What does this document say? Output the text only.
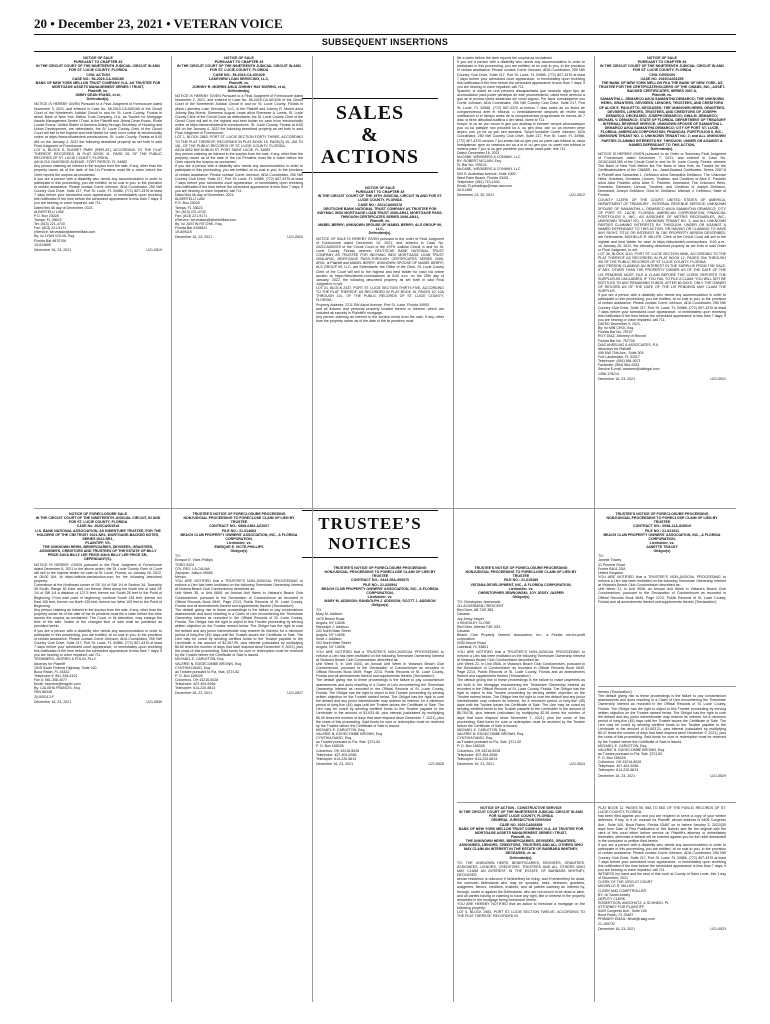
20 • December 23, 2021 • VETERAN VOICE
SUBSEQUENT INSERTIONS
SALES
&
ACTIONS
TRUSTEE’S
NOTICES

NOTICE OF SALE
PURSUANT TO CHAPTER 45
IN THE CIRCUIT COURT OF THE NINETEENTH JUDICIAL CIRCUIT IN AND FOR ST. LUCIE COUNTY, FLORIDA
CIVIL ACTION
CASE NO.: 56-2019-CA-000165
BANK OF NEW YORK MELLON TRUST COMPANY, N.A. AS TRUSTEE FOR MORTGAGE ASSETS MANAGEMENT SERIES I TRUST,
Plaintiff, vs.
JIMMY DEAN EVANS, et al,
Defendant(s).

NOTICE IS HEREBY GIVEN Pursuant to a Final Judgment of Foreclosure dated November 3, 2021, and entered in Case No. 56-2019-CA-000165 of the Circuit Court of the Nineteenth Judicial Circuit in and for St. Lucie County, Florida in which Bank of New York Mellon Trust Company, N.A. as Trustee for Mortgage Assets Management Series I Trust, is the Plaintiff and Jimmy Dean Evans, Rosie Louise Evans, United States of America Acting through Secretary of Housing and Urban Development, are defendants, the St. Lucie County Clerk of the Circuit Court will sell to the highest and best bidder for cash in/on online at electronically online at https://www.stlucieclerk.com/auctions, St. Lucie County, Florida at 8:00 AM on the January 4, 2022 the following described property as set forth in said Final Judgment of Foreclosure:
LOT 6, BLOCK 9, SUNSET PARK (REPLAT), ACCORDING TO THE PLAT THEREOF, RECORDED IN PLAT BOOK 11, PAGE 28, OF THE PUBLIC RECORDS OF ST. LUCIE COUNTY, FLORIDA.
A/K/A 210 OAKRIDGE AVENUE, FORT PIERCE, FL 34982
Any person claiming an interest in the surplus from the sale, if any, other than the property owner as of the date of the Lis Pendens must file a claim before the Clerk reports the surplus as unclaimed.
If you are a person with a disability who needs any accommodation in order to participate in this proceeding, you are entitled, at no cost to you, to the provision of certain assistance. Please contact Corrie Johnson, ADA Coordinator, 250 NW Country Club Drive, Suite 217, Port St. Lucie, FL 34986, (772) 807-4370 at least 7 days before your scheduled court appearance, or immediately upon receiving this notification if the time before the scheduled appearance is less than 7 days; if you are hearing or voice impaired, call 711.
Dated this 06 day of December, 2021.
ALBERTELLI LAW
P.O. Box 23028
Tampa, FL 33623
Tel: (813) 221-4743
Fax: (813) 221-9171
eService: servealaw@albertellilaw.com
By: /s/ LYNN VOUIS, Esq.
Florida Bar #870706
19-024689

December 16, 23, 2021	U21-0519

NOTICE OF SALE
PURSUANT TO CHAPTER 45
IN THE CIRCUIT COURT OF THE NINETEENTH JUDICIAL CIRCUIT IN AND FOR ST. LUCIE COUNTY, FLORIDA
CASE NO.: 56-2019-CA-001026
LAKEVIEW LOAN SERVICING, LLC,
Plaintiff, vs.
JOHNNY R. MORRIS A/K/A JOHNNY RAY MORRIS, et al,
Defendant(s).

NOTICE IS HEREBY GIVEN Pursuant to a Final Judgment of Foreclosure dated November 2, 2021, and entered in Case No. 56-2019-CA-001026 of the Circuit Court of the Nineteenth Judicial Circuit in and for St. Lucie County, Florida in which Lakeview Loan Servicing, LLC, is the Plaintiff and Johnny R. Morris a/k/a Johnny Ray Morris, Shereese August Lewis a/k/a Shereese A. Lewis, St. Lucie County Clerk of the Circuit Court as defendants, the St. Lucie County Clerk of the Circuit Court will sell to the highest and best bidder for cash in/on electronically online at https://www.stlucieclerk.com/auctions, St. Lucie County, Florida at 8:00 AM on the January 4, 2022 the following described property as set forth in said Final Judgment of Foreclosure:
LOT 1, BLOCK 2863, PORT ST. LUCIE SECTION FORTY THREE, ACCORDING TO THE PLAT THEREOF, RECORDED IN PLAT BOOK 16, PAGE(S) 15, 15A TO 15L, OF THE PUBLIC RECORDS OF ST. LUCIE COUNTY, FLORIDA.
A/K/A 5532 NW DUBLIN ST, PORT SAINT LUCIE, FL 34983
Any person claiming an interest in the surplus from the sale, if any, other than the property owner as of the date of the Lis Pendens must file a claim before the Clerk reports the surplus as unclaimed.
If you are a person with a disability who needs any accommodation in order to participate in this proceeding, you are entitled, at no cost to you, to the provision of certain assistance. Please contact Corrie Johnson, ADA Coordinator, 250 NW Country Club Drive, Suite 217, Port St. Lucie, FL 34986, (772) 807-4370 at least 7 days before your scheduled court appearance, or immediately upon receiving this notification if the time before the scheduled appearance is less than 7 days; if you are hearing or voice impaired, call 711.
Dated this 06 day of December, 2021.
ALBERTELLI LAW
P.O. Box 23028
Tampa, FL 33623
Tel: (813) 221-4743
Fax: (813) 221-9171
eService: servealaw@albertellilaw.com
By: /s/ JUSTIN RITCHIE, Esq.
Florida Bar #106621
19-009115

December 16, 23, 2021	U21-0520

NOTICE OF SALE
PURSUANT TO CHAPTER 45
IN THE CIRCUIT COURT OF THE 19TH JUDICIAL CIRCUIT IN AND FOR ST. LUCIE COUNTY, FLORIDA
CASE NO.: 2021CA000378
DEUTSCHE BANK NATIONAL TRUST COMPANY AS TRUSTEE FOR INDYMAC INDX MORTGAGE LOAN TRUST 2006-AR41, MORTGAGE PASS-THROUGH CERTIFICATES SERIES 2006-AR41,
Plaintiff, vs.
MABEL BERRY; UNKNOWN SPOUSE OF MABEL BERRY; ALS GROUP 99, LLC,
Defendant(s).

NOTICE OF SALE IS HEREBY GIVEN pursuant to the order of Final Judgment of Foreclosure dated December 10, 2021, and entered in Case No. 2021CA000378 of the Circuit Court of the 19TH Judicial Circuit in and for St. Lucie County, Florida, wherein DEUTSCHE BANK NATIONAL TRUST COMPANY AS TRUSTEE FOR INDYMAC INDX MORTGAGE LOAN TRUST 2006-AR41, MORTGAGE PASS-THROUGH CERTIFICATES SERIES 2006-AR41, is Plaintiff and MABEL BERRY; UNKNOWN SPOUSE OF MABEL BERRY; ALS GROUP 99, LLC, are Defendants, the Office of the Clerk, St. Lucie County Clerk of the Court will sell to the highest and best bidder for cash via online auction at https://stlucieclerk.com/auctions at 8:00 a.m. on the 25th day of January, 2022, the following described property as set forth in said Final Judgment, to wit:
LOT 21, BLOCK 2437, PORT ST. LUCIE SECTION THIRTY-FIVE, ACCORDING TO THE PLAT THEREOF, AS RECORDED IN PLAT BOOK 15, PAGES 10, 10A THROUGH 10L, OF THE PUBLIC RECORDS OF ST. LUCIE COUNTY, FLORIDA.
Property Address: 2211 SW Ascot Avenue, Port St. Lucie, Florida 34953
and all fixtures and personal property located therein or thereon, which are included as security in Plaintiff's mortgage.
Any person claiming an interest in the surplus funds from the sale, if any, other than the property owner as of the date of the lis pendens must

file a claim before the clerk reports the surplus as unclaimed.
If you are a person with a disability who needs any accommodation in order to participate in this proceeding, you are entitled, at no cost to you, to the provision of certain assistance. Please contact Corrie Johnson, ADA Coordinator, 250 NW Country Club Drive, Suite 217, Port St. Lucie, FL 34986, (772) 807-4370 at least 7 days before your scheduled court appearance, or immediately upon receiving this notification if the time before the scheduled appearance is less than 7 days; if you are hearing or voice impaired, call 711.
Spanish: si usted es una persona discapacitada que necesita algun tipo de acomodacion para poder participar de este procedimiento, usted tiene derecho a que se le provea cierta asistencia sin costo alguno. Por favor comuniquese con Corrie Johnson, ADA Coordinator, 250 NW Country Club Drive, Suite 217, Port St. Lucie, FL 34986, (772) 807-4370 al menos 7 dias antes de su fecha de comparecencia ante el tribunal, o inmediatamente despues de recibir esta notificacion si el tiempo antes de la comparecencia programada es menos de 7 dias; si tiene dificultad auditiva o del habla, llame al 711.
Kreyol: si ou se yon moun ki gen yon andikap ki bezwen nenpot akomodasyon pou ou ka patisipe nan pwosedi sa a, ou gen dwa, san ou pa bezwen peye anyen, pou yo ba ou yon seri asistans. Tanpri kontakte Corrie Johnson, ADA Coordinator, 250 NW Country Club Drive, Suite 217, Port St. Lucie, FL 34986, (772) 807-4370 omwen 7 jou anvan dat ou gen pou ou parèt nan tribinal la, oswa imedyatman apre ou resevwa avi sa a si le ou gen pou ou parèt nan tribinal la mwens pase 7 jou; si ou gen pwoblem pou tande oswa pale, rele 711.
Dated: December 16, 2021
McCABE, WEISBERG & CONWAY, LLC
BY: ROBERT MCLAIN, Esq.
FL Bar No: 195121
McCABE, WEISBERG & CONWAY, LLC
500 S. Australian Avenue, Suite 1000
West Palm Beach, Florida 33401
Telephone: (561) 713-1400
Email: FLpleadings@mwc-law.com
20-01465

December 23, 30, 2021	U21-0522

NOTICE OF SALE
PURSUANT TO CHAPTER 45
IN THE CIRCUIT COURT OF THE NINETEENTH JUDICIAL CIRCUIT IN AND FOR ST. LUCIE COUNTY, FLORIDA
CIVIL DIVISION
CASE NO. 2019CA001359
THE BANK OF NEW YORK MELLON FKA THE BANK OF NEW YORK, AS TRUSTEE FOR THE CERTIFICATEHOLDERS OF THE CWABS, INC., ASSET-BACKED CERTIFICATES, SERIES 2007-8,
Plaintiff, vs.
SAMANTHA L. DEMARCO A/K/A SAMANTHA DEMARCO; THE UNKNOWN HEIRS, GRANTEES, DEVISEES, LIENORS, TRUSTEES, AND CREDITORS OF ALICE E. PAOLETTO, DECEASED; THE UNKNOWN HEIRS, GRANTEES, DEVISEES, LIENORS, TRUSTEES, AND CREDITORS OF JOSEPH DEMARCO, DECEASED; JOSEPH DEMARCO; GINA M. DEMARCO; MICHAEL V. DEMARCO; STATE OF FLORIDA, DEPARTMENT OF TREASURY - INTERNAL REVENUE SERVICE; UNKNOWN SPOUSE OF SAMANTHA L. DEMARCO A/K/A SAMANTHA DEMARCO; CITY OF PORT ST. LUCIE, FLORIDA; AMERICAN CORPORATION; FINANCIAL PORTFOLIOS II, INC.; UNKNOWN TENANT NO. 1; UNKNOWN TENANT NO. 2; and ALL UNKNOWN PARTIES CLAIMING INTERESTS BY, THROUGH, UNDER OR AGAINST A NAMED DEFENDANT TO THIS ACTION,
Defendant(s).

NOTICE IS HEREBY GIVEN pursuant to an Order or Summary Final Judgment of Foreclosure dated December 7, 2021, and entered in Case No. 2019CA001359 of the Circuit Court in and for St. Lucie County, Florida, wherein The Bank of New York Mellon fka The Bank of New York, as Trustee for the Certificateholders of the CWABS, Inc., Asset-Backed Certificates, Series 2007-8 is Plaintiff and Samantha L. DeMarco a/k/a Samantha DeMarco; The Unknown Heirs, Grantees, Devisees, Lienors, Trustees, and Creditors of Alice E. Paoletto a/k/a Alice Paoletto a/k/a Alice E. Paoletto, Deceased; The Unknown Heirs, Grantees, Devisees, Lienors, Trustees, and Creditors of Joseph DeMarco, Deceased; Joseph DeMarco; Gina M. DeMarco; Michael V. DeMarco; State of Florida,

COUNTY CLERK OF THE COURT; UNITED STATES OF AMERICA, DEPARTMENT OF TREASURY - INTERNAL REVENUE SERVICE; UNKNOWN SPOUSE OF SAMANTHA L. DEMARCO A/K/A SAMANTHA DEMARCO; CITY OF PORT ST. LUCIE, FLORIDA; AMERICAN CORPORATION; FINANCIAL PORTFOLIOS II, INC., AS ASSIGNEE OF METRIS RECEIVABLES, INC.; UNKNOWN TENANT NO. 1; UNKNOWN TENANT NO. 2; and ALL UNKNOWN PARTIES CLAIMING INTERESTS BY, THROUGH, UNDER OR AGAINST A NAMED DEFENDANT TO THIS ACTION, OR HAVING OR CLAIMING TO HAVE ANY RIGHT, TITLE OR INTEREST IN THE PROPERTY HEREIN DESCRIBED, are Defendants, MICHELLE R. MILLER, Clerk of the Circuit Court will sell to the highest and best bidder for cash at https://stlucieclerk.com/auctions, 8:00 a.m., on January 25, 2022, the following described property as set forth in said Order or Final Judgment, to wit:
LOT 30, BLOCK 1110, PORT ST. LUCIE SECTION NINE, ACCORDING TO THE PLAT THEREOF AS RECORDED IN PLAT BOOK 12, PAGES 39A THROUGH 39I OF THE PUBLIC RECORDS OF ST. LUCIE COUNTY, FLORIDA.
ANY PERSON CLAIMING AN INTEREST IN THE SURPLUS FROM THE SALE, IF ANY, OTHER THAN THE PROPERTY OWNER AS OF THE DATE OF THE LIS PENDENS MUST FILE A CLAIM BEFORE THE CLERK REPORTS THE SURPLUS AS UNCLAIMED. IF YOU FAIL TO FILE A CLAIM, YOU WILL NOT BE ENTITLED TO ANY REMAINING FUNDS. AFTER 60 DAYS, ONLY THE OWNER OF RECORD AS OF THE DATE OF THE LIS PENDENS MAY CLAIM THE SURPLUS.
If you are a person with a disability who needs any accommodation in order to participate in this proceeding, you are entitled, at no cost to you, to the provision of certain assistance. Please contact Corrie Johnson, ADA Coordinator, 250 NW Country Club Drive, Suite 217, Port St. Lucie, FL 34986, (772) 807-4370 at least 7 days before your scheduled court appearance, or immediately upon receiving this notification if the time before the scheduled appearance is less than 7 days; if you are hearing or voice impaired, call 711.
DATED December 9, 2021.
By: /s/ MIN CHOI, Esq.
Florida Bar No. 75707
ROY DIAZ, Attorney of Record
Florida Bar No. 767700
DIAZ ANSELMO & ASSOCIATES, P.A.
Attorneys for Plaintiff
499 NW 70th Ave., Suite 309
Fort Lauderdale, FL 33317
Telephone: (954) 564-0071
Facsimile: (954) 564-9252
Service E-mail: answers@dallegal.com
1496-175214

December 16, 23, 2021	U21-0521

NOTICE OF FORECLOSURE SALE
IN THE CIRCUIT COURT OF THE NINETEENTH JUDICIAL CIRCUIT, IN AND FOR ST. LUCIE COUNTY, FLORIDA
CASE No. 2020CA001518
U.S. BANK NATIONAL ASSOCIATION, AS INDENTURE TRUSTEE, FOR THE HOLDERS OF THE CIM TRUST 2021-NR1, MORTGAGE-BACKED NOTES, SERIES 2021-NR1,
PLAINTIFF, VS.
THE UNKNOWN HEIRS, BENEFICIARIES, DEVISEES, GRANTEES, ASSIGNEES, CREDITORS AND TRUSTEES OF THE ESTATE OF BILLY PRICE A/K/A BILLY LEE PRICE A/K/A BILLY LEE PRICE SR.,
DEFENDANT(S).

NOTICE IS HEREBY GIVEN pursuant to the Final Judgment of Foreclosure dated December 8, 2021 in the above action, the St. Lucie County Clerk of Court will sell to the highest bidder for cash at St. Lucie, Florida, on January 26, 2022, at 08:00 AM, at https://stlucie.clerkauction.com for the following described property:
Commence at the Northeast corner of SE 1/4 of SW 1/4 of Section 34, Township 35 South, Range 40 East, and run thence West along the North line of said SE 1/4 of SW 1/4 a distance of 127.5 feet; thence run South 25 feet to the Point of Beginning. From said point of beginning, continue South 135 feet, thence run East 100 feet, thence run North 135 feet, thence run West 100 feet to the Point of Beginning.
Any person claiming an interest in the surplus from the sale, if any, other than the property owner as of the date of the lis pendens must file a claim before the clerk reports the surplus as unclaimed. The Court, in its discretion, may enlarge the time of the sale. Notice of the changed time of sale shall be published as provided herein.
If you are a person with a disability who needs any accommodation in order to participate in this proceeding, you are entitled, at no cost to you, to the provision of certain assistance. Please contact Corrie Johnson, ADA Coordinator, 250 NW Country Club Drive, Suite 217, Port St. Lucie, FL 34986, (772) 807-4370 at least 7 days before your scheduled court appearance, or immediately upon receiving this notification if the time before the scheduled appearance is less than 7 days; if you are hearing or voice impaired, call 711.
TROMBERG, MORRIS & POLIN, PLLC
Attorney for Plaintiff
1515 South Federal Highway, Suite 100
Boca Raton, FL 33432
Telephone #: 561-338-4101
Fax #: 561-338-4077
Email: eservice@tmppllc.com
By: CALISHA FRANCIS, Esq.
FBN 86348
20-000113-F

December 16, 23, 2021	U21-0530

TRUSTEE'S NOTICE OF FORECLOSURE PROCEEDING
NONJUDICIAL PROCEEDING TO FORECLOSE CLAIM OF LIEN BY TRUSTEE
CONTRACT NO.: 0808-0383-AZ2007
FILE NO.: 21-014863
BEACH CLUB PROPERTY OWNERS' ASSOCIATION, INC., A FLORIDA CORPORATION,
Lienholder, vs.
ENRIQUE E. VICTE-PHILLIPS
Obligor(s)

TO:
Enrique E. Victe-Phillips
TORO 5324
COL RES. LA CALMA
Zapopan, Jalisco 45080
Mexico
YOU ARE NOTIFIED that a TRUSTEE'S NON-JUDICIAL PROCEEDING to enforce a Lien has been instituted on the following Timeshare Ownership Interest at Vistana Beach Club Condominium described as:
Unit Week 35, in Unit 0808, an Annual Unit Week in Vistana's Beach Club Condominium, pursuant to the Declaration of Condominium as recorded in Official Records Book 0649, Page 2213, Public Records of St. Lucie County, Florida and all amendments thereof and supplements thereto ('Declaration').
The default giving rise to these proceedings is the failure to pay condominium assessments and dues resulting in a Claim of Lien encumbering the Timeshare Ownership Interest as recorded in the Official Records of St. Lucie County, Florida. The Obligor has the right to object to this Trustee proceeding by serving written objection on the Trustee named below. The Obligor has the right to cure the default and any junior interestholder may redeem its interest, for a minimum period of forty-five (45) days until the Trustee issues the Certificate of Sale. The Lien may be cured by sending certified funds to the Trustee payable to the Lienholder in the amount of $2,357.99, plus interest (calculated by multiplying $0.60 times the number of days that have elapsed since December 9, 2021), plus the costs of this proceeding. Said funds for cure or redemption must be received by the Trustee before the Certificate of Sale is issued.
MICHAEL E. CARLETON, Esq.
VALERIE N. EDGECOMBE BROWN, Esq.
CYNTHIA DAVID, Esq.
as Trustee pursuant to Fla. Stat. §721.82
P. O. Box 165028
Columbus, OH 43216-5028
Telephone: 407-404-5266
Telecopier: 614-220-5613

December 16, 23, 2021	U21-0527

TRUSTEE'S NOTICE OF FORECLOSURE PROCEEDING
NONJUDICIAL PROCEEDING TO FORECLOSE CLAIM OF LIEN BY TRUSTEE
CONTRACT NO.: 0443-05A-909370
FILE NO.: 21-020904
BEACH CLUB PROPERTY OWNERS' ASSOCIATION, INC., A FLORIDA CORPORATION,
Lienholder, vs.
MARY M. ADDISON; RANDOLPH J. ADDISON; SCOTT J. ADDISON
Obligor(s)

TO:
Mary M. Addison
1670 Beach Road
Angola, NY 14006
Randolph J. Addison
202 North Main Street
Angola, NY 14006
Scott J. Addison
202 North Main Street
Angola, NY 14006
YOU ARE NOTIFIED that a TRUSTEE'S NON-JUDICIAL PROCEEDING to enforce a Lien has been instituted on the following Timeshare Ownership Interest at Vistana's Beach Club Condominium described as:
Unit Week 5, in Unit 0443, an Annual Unit Week in Vistana's Beach Club Condominium, pursuant to the Declaration of Condominium as recorded in Official Records Book 0649, Page 2213, Public Records of St. Lucie County, Florida and all amendments thereof and supplements thereto ('Declaration').
The default giving rise to these proceedings is the failure to pay condominium assessments and dues resulting in a Claim of Lien encumbering the Timeshare Ownership Interest as recorded in the Official Records of St. Lucie County, Florida. The Obligor has the right to object to this Trustee proceeding by serving written objection on the Trustee named below. The Obligor has the right to cure the default and any junior interestholder may redeem its interest, for a minimum period of forty-five (45) days until the Trustee issues the Certificate of Sale. The Lien may be cured by sending certified funds to the Trustee payable to the Lienholder in the amount of $1,933.46, plus interest (calculated by multiplying $0.49 times the number of days that have elapsed since December 7, 2021), plus the costs of this proceeding. Said funds for cure or redemption must be received by the Trustee before the Certificate of Sale is issued.
MICHAEL E. CARLETON, Esq.
VALERIE N. EDGECOMBE BROWN, Esq.
CYNTHIA DAVID, Esq.
as Trustee pursuant to Fla. Stat. §721.82
P. O. Box 165028
Columbus, OH 43216-5028
Telephone: 407-404-5266
Telecopier: 614-220-5613

December 16, 23, 2021	U21-0525

TRUSTEE'S NOTICE OF FORECLOSURE PROCEEDING
NONJUDICIAL PROCEEDING TO FORECLOSE CLAIM OF LIEN BY TRUSTEE
FILE NO.: 21-015485
VISTANA DEVELOPMENT, INC., A FLORIDA CORPORATION,
Lienholder, vs.
CHRISTOPHER JEWNOWSKI; JOY JESSY JASPER
Obligor(s)

TO: Christopher Jewnowski
111 ACKERMAN CRESCENT
Red Deer, AB T4R 3B3
Canada
Joy Jessy Jasper
4 KINGSLEY CLOSE
Red Deer, Alberta T4R 3G3
Canada
Beach Club Property Owners' Association, Inc., a Florida not-for-profit corporation
9250 Airport Road
Lakeland, FL 33801
YOU ARE NOTIFIED that a TRUSTEE'S NON-JUDICIAL PROCEEDING to enforce a Lien has been instituted on the following Timeshare Ownership Interest at Vistana's Beach Club Condominium described as:
Unit Week 22, in Unit 0506, in Vistana's Beach Club Condominium, pursuant to the Declaration of Condominium as recorded in Official Records Book 0649, Page 2213, Public Records of St. Lucie County, Florida and all amendments thereof and supplements thereto ('Declaration').
The default giving rise to these proceedings is the failure to make payments as set forth in the Mortgage encumbering the Timeshare Ownership Interest as recorded in the Official Records of St. Lucie County, Florida. The Obligor has the right to object to this Trustee proceeding by serving written objection on the Trustee named below. The Obligor has the right to cure the default and any junior interestholder may redeem its interest, for a minimum period of forty-five (45) days until the Trustee issues the Certificate of Sale. The Lien may be cured by sending certified funds to the Trustee payable to the Lienholder in the amount of $8,754.36, plus interest (calculated by multiplying $2.56 times the number of days that have elapsed since December 7, 2021), plus the costs of this proceeding. Said funds for cure or redemption must be received by the Trustee before the Certificate of Sale is issued.
MICHAEL E. CARLETON, Esq.
VALERIE N. EDGECOMBE BROWN, Esq.
CYNTHIA DAVID, Esq.
as Trustee pursuant to Fla. Stat. §721.82
P. O. Box 165028
Columbus, OH 43216-5028
Telephone: 407-404-5266
Telecopier: 614-220-5613

December 16, 23, 2021	U21-0524

TRUSTEE'S NOTICE OF FORECLOSURE PROCEEDING
NONJUDICIAL PROCEEDING TO FORECLOSE CLAIM OF LIEN BY TRUSTEE
CONTRACT NO.: 0538-21A-826919
FILE NO.: 21-021911
BEACH CLUB PROPERTY OWNERS' ASSOCIATION, INC., A FLORIDA CORPORATION,
Lienholder, vs.
JANETTE TRACEY
Obligor(s)

TO:
Janette Tracey
31 Penmar Road
Frome BA11 2DA
United Kingdom
YOU ARE NOTIFIED that a TRUSTEE'S NON-JUDICIAL PROCEEDING to enforce a Lien has been instituted on the following Timeshare Ownership Interest at Vistana's Beach Club Condominium described as:
Unit Week 21, in Unit 0538, an Annual Unit Week in Vistana's Beach Club Condominium, pursuant to the Declaration of Condominium as recorded in Official Records Book 0649, Page 2213, Public Records of St. Lucie County, Florida and all amendments thereof and supplements thereto ('Declaration').

thereto ('Declaration').
The default giving rise to these proceedings is the failure to pay condominium assessments and dues resulting in a Claim of Lien encumbering the Timeshare Ownership Interest as recorded in the Official Records of St. Lucie County, Florida. The Obligor has the right to object to this Trustee proceeding by serving written objection on the Trustee named below. The Obligor has the right to cure the default and any junior interestholder may redeem its interest, for a minimum period of forty-five (45) days until the Trustee issues the Certificate of Sale. The Lien may be cured by sending certified funds to the Trustee payable to the Lienholder in the amount of $1,903.21, plus interest (calculated by multiplying $0.47 times the number of days that have elapsed since December 9, 2021), plus the costs of this proceeding. Said funds for cure or redemption must be received by the Trustee before the Certificate of Sale is issued.
MICHAEL E. CARLETON, Esq.
VALERIE N. EDGECOMBE BROWN, Esq.
as Trustee pursuant to Fla. Stat. §721.82
P. O. Box 165028
Columbus, OH 43216-5028
Telephone: 407-404-5266
Telecopier: 614-220-5613

December 16, 23, 2021	U21-0529

NOTICE OF ACTION - CONSTRUCTIVE SERVICE
IN THE CIRCUIT COURT OF THE NINETEENTH JUDICIAL CIRCUIT IN AND FOR SAINT LUCIE COUNTY, FLORIDA
GENERAL JURISDICTION DIVISION
CASE NO. 2021CA001858
BANK OF NEW YORK MELLON TRUST COMPANY, N.A. AS TRUSTEE FOR MORTGAGE ASSETS MANAGEMENT SERIES I TRUST,
Plaintiff, vs.
THE UNKNOWN HEIRS, BENEFICIARIES, DEVISEES, GRANTEES, ASSIGNEES, LIENORS, CREDITORS, TRUSTEES AND ALL OTHERS WHO MAY CLAIM AN INTEREST IN THE ESTATE OF BARBARA WHITNEY, DECEASED, et. al.
Defendant(s),

TO: THE UNKNOWN HEIRS, BENEFICIARIES, DEVISEES, GRANTEES, ASSIGNEES, LIENORS, CREDITORS, TRUSTEES AND ALL OTHERS WHO MAY CLAIM AN INTEREST IN THE ESTATE OF BARBARA WHITNEY, DECEASED,
whose residence is unknown if he/she/they be living; and if he/she/they be dead, the unknown defendants who may be spouses, heirs, devisees, grantees, assignees, lienors, creditors, trustees, and all parties claiming an interest by, through, under or against the Defendants, who are not known to be dead or alive, and all parties having or claiming to have any right, title or interest in the property described in the mortgage being foreclosed herein.
YOU ARE HEREBY NOTIFIED that an action to foreclose a mortgage on the following property:
LOT 6, BLOCK 1983, PORT ST. LUCIE SECTION TWELVE, ACCORDING TO THE PLAT THEREOF, RECORDED IN

PLAT BOOK 12, PAGES 55, 55A TO 55G OF THE PUBLIC RECORDS OF ST. LUCIE COUNTY, FLORIDA.
has been filed against you and you are required to serve a copy of your written defenses, if any, to it on counsel for Plaintiff, whose address is 6409 Congress Ave., Suite 100, Boca Raton, Florida 33487 on or before January 3, 2022/(30 days from Date of First Publication of this Notice) and file the original with the clerk of this court either before service on Plaintiff's attorney or immediately thereafter; otherwise a default will be entered against you for the relief demanded in the complaint or petition filed herein.
If you are a person with a disability who needs any accommodation in order to participate in this proceeding, you are entitled, at no cost to you, to the provision of certain assistance. Please contact Corrie Johnson, ADA Coordinator, 250 NW Country Club Drive, Suite 217, Port St. Lucie, FL 34986, (772) 807-4370 at least 7 days before your scheduled court appearance, or immediately upon receiving this notification if the time before the scheduled appearance is less than 7 days; if you are hearing or voice impaired, call 711.
WITNESS my hand and the seal of this court at County of Saint Lucie, this 1 day of December, 2021
CLERK OF THE CIRCUIT COURT
MICHELLE R. MILLER
CLERK AND COMPTROLLER
BY: /s/ Sarah Ansley
DEPUTY CLERK
ROBERTSON, ANSCHUTZ, & SCHNEID, PL
ATTORNEY FOR PLAINTIFF
6409 Congress Ave., Suite 100
Boca Raton, FL 33487
PRIMARY EMAIL: flmail@raslg.com
21-159732

December 16, 23, 2021	U21-0523
